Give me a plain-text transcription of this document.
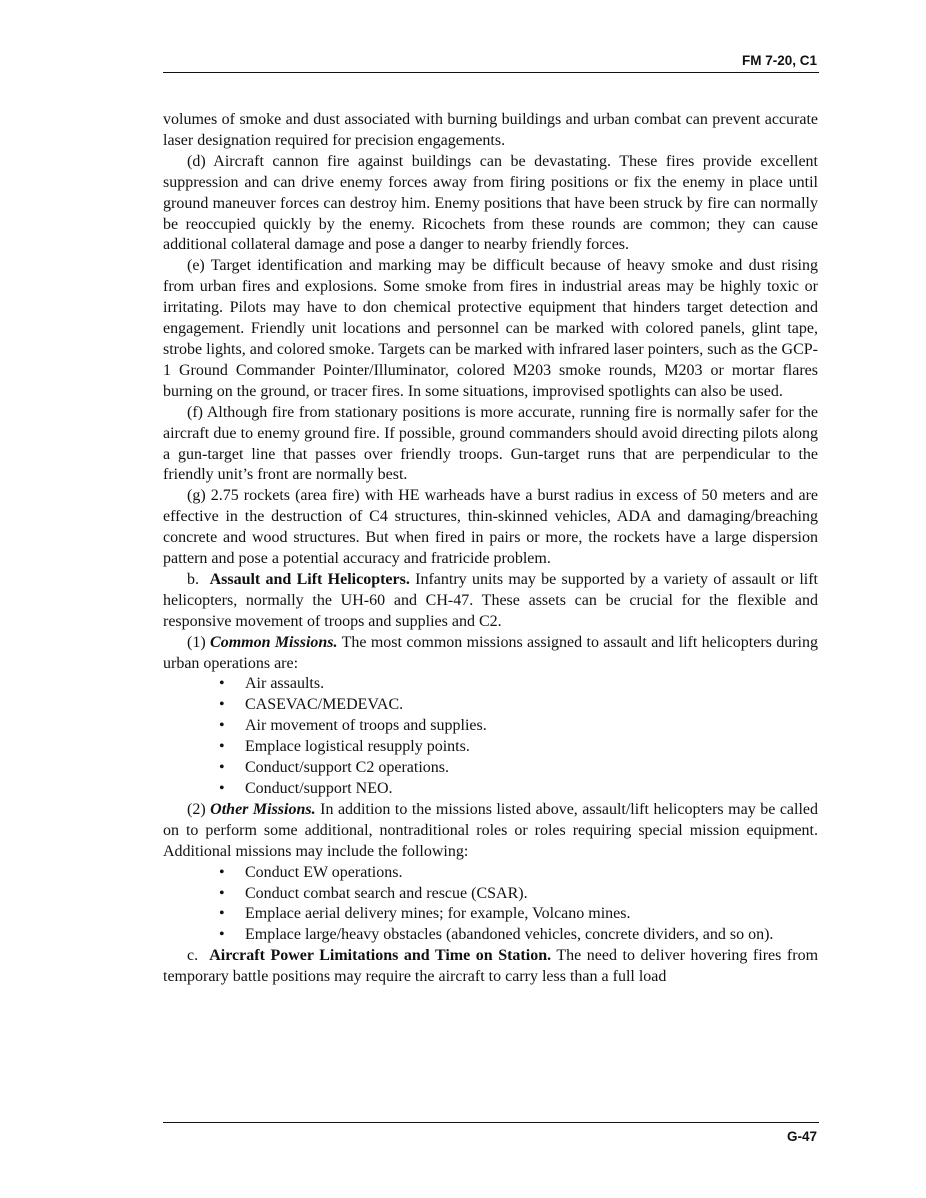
FM 7-20, C1

volumes of smoke and dust associated with burning buildings and urban combat can prevent accurate laser designation required for precision engagements.

(d) Aircraft cannon fire against buildings can be devastating. These fires provide excellent suppression and can drive enemy forces away from firing positions or fix the enemy in place until ground maneuver forces can destroy him. Enemy positions that have been struck by fire can normally be reoccupied quickly by the enemy. Ricochets from these rounds are common; they can cause additional collateral damage and pose a danger to nearby friendly forces.

(e) Target identification and marking may be difficult because of heavy smoke and dust rising from urban fires and explosions. Some smoke from fires in industrial areas may be highly toxic or irritating. Pilots may have to don chemical protective equipment that hinders target detection and engagement. Friendly unit locations and personnel can be marked with colored panels, glint tape, strobe lights, and colored smoke. Targets can be marked with infrared laser pointers, such as the GCP-1 Ground Commander Pointer/Illuminator, colored M203 smoke rounds, M203 or mortar flares burning on the ground, or tracer fires. In some situations, improvised spotlights can also be used.

(f) Although fire from stationary positions is more accurate, running fire is normally safer for the aircraft due to enemy ground fire. If possible, ground commanders should avoid directing pilots along a gun-target line that passes over friendly troops. Gun-target runs that are perpendicular to the friendly unit’s front are normally best.

(g) 2.75 rockets (area fire) with HE warheads have a burst radius in excess of 50 meters and are effective in the destruction of C4 structures, thin-skinned vehicles, ADA and damaging/breaching concrete and wood structures. But when fired in pairs or more, the rockets have a large dispersion pattern and pose a potential accuracy and fratricide problem.

b. Assault and Lift Helicopters. Infantry units may be supported by a variety of assault or lift helicopters, normally the UH-60 and CH-47. These assets can be crucial for the flexible and responsive movement of troops and supplies and C2.

(1) Common Missions. The most common missions assigned to assault and lift helicopters during urban operations are:

• Air assaults.
• CASEVAC/MEDEVAC.
• Air movement of troops and supplies.
• Emplace logistical resupply points.
• Conduct/support C2 operations.
• Conduct/support NEO.

(2) Other Missions. In addition to the missions listed above, assault/lift helicopters may be called on to perform some additional, nontraditional roles or roles requiring special mission equipment. Additional missions may include the following:

• Conduct EW operations.
• Conduct combat search and rescue (CSAR).
• Emplace aerial delivery mines; for example, Volcano mines.
• Emplace large/heavy obstacles (abandoned vehicles, concrete dividers, and so on).

c. Aircraft Power Limitations and Time on Station. The need to deliver hovering fires from temporary battle positions may require the aircraft to carry less than a full load

G-47
